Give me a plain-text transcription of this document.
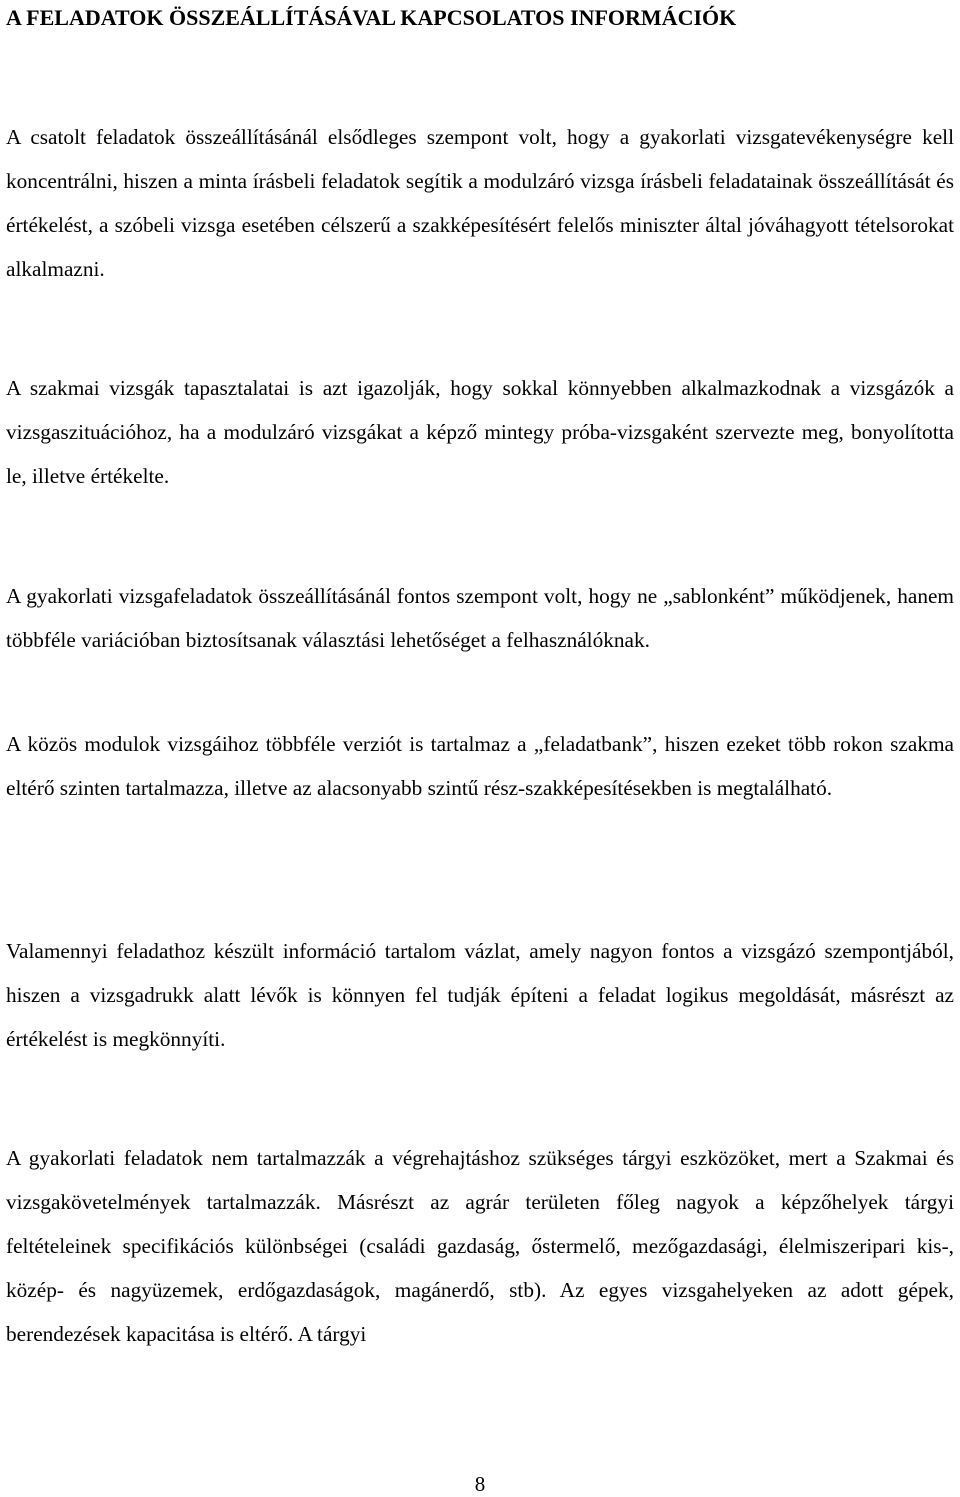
A FELADATOK ÖSSZEÁLLÍTÁSÁVAL KAPCSOLATOS INFORMÁCIÓK

A csatolt feladatok összeállításánál elsődleges szempont volt, hogy a gyakorlati vizsgatevékenységre kell koncentrálni, hiszen a minta írásbeli feladatok segítik a modulzáró vizsga írásbeli feladatainak összeállítását és értékelést, a szóbeli vizsga esetében célszerű a szakképesítésért felelős miniszter által jóváhagyott tételsorokat alkalmazni.

A szakmai vizsgák tapasztalatai is azt igazolják, hogy sokkal könnyebben alkalmazkodnak a vizsgázók a vizsgaszituációhoz, ha a modulzáró vizsgákat a képző mintegy próba-vizsgaként szervezte meg, bonyolította le, illetve értékelte.

A gyakorlati vizsgafeladatok összeállításánál fontos szempont volt, hogy ne „sablonként” működjenek, hanem többféle variációban biztosítsanak választási lehetőséget a felhasználóknak.

A közös modulok vizsgáihoz többféle verziót is tartalmaz a „feladatbank”, hiszen ezeket több rokon szakma eltérő szinten tartalmazza, illetve az alacsonyabb szintű rész-szakképesítésekben is megtalálható.

Valamennyi feladathoz készült információ tartalom vázlat, amely nagyon fontos a vizsgázó szempontjából, hiszen a vizsgadrukk alatt lévők is könnyen fel tudják építeni a feladat logikus megoldását, másrészt az értékelést is megkönnyíti.

A gyakorlati feladatok nem tartalmazzák a végrehajtáshoz szükséges tárgyi eszközöket, mert a Szakmai és vizsgakövetelmények tartalmazzák. Másrészt az agrár területen főleg nagyok a képzőhelyek tárgyi feltételeinek specifikációs különbségei (családi gazdaság, őstermelő, mezőgazdasági, élelmiszeripari kis-, közép- és nagyüzemek, erdőgazdaságok, magánerdő, stb). Az egyes vizsgahelyeken az adott gépek, berendezések kapacitása is eltérő. A tárgyi

8
